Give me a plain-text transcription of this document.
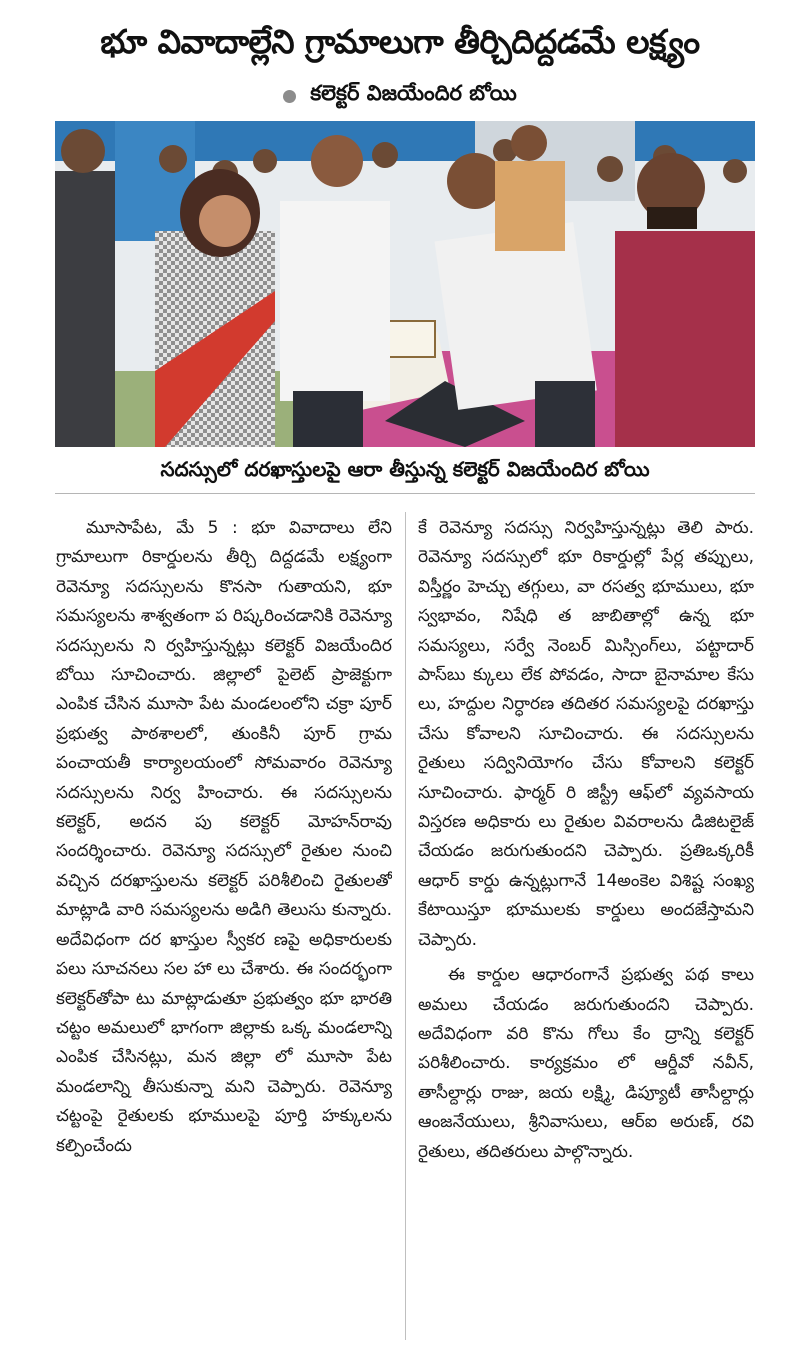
భూ వివాదాల్లేని గ్రామాలుగా తీర్చిదిద్దడమే లక్ష్యం
కలెక్టర్ విజయేందిర బోయి
సదస్సులో దరఖాస్తులపై ఆరా తీస్తున్న కలెక్టర్ విజయేందిర బోయి

మూసాపేట, మే 5 : భూ వివాదాలు లేని గ్రామాలుగా రికార్డులను తీర్చి దిద్దడమే లక్ష్యంగా రెవెన్యూ సదస్సులను కొనసా గుతాయని, భూ సమస్యలను శాశ్వతంగా ప రిష్కరించడానికి రెవెన్యూ సదస్సులను ని ర్వహిస్తున్నట్లు కలెక్టర్ విజయేందిర బోయి సూచించారు. జిల్లాలో పైలెట్ ప్రాజెక్టుగా ఎంపిక చేసిన మూసా పేట మండలంలోని చక్రా పూర్ ప్రభుత్వ పాఠశాలలో, తుంకినీ పూర్ గ్రామ పంచాయతీ కార్యాలయంలో సోమవారం రెవెన్యూ సదస్సులను నిర్వ హించారు. ఈ సదస్సులను కలెక్టర్, అదన పు కలెక్టర్ మోహన్‌రావు సందర్శించారు. రెవెన్యూ సదస్సులో రైతుల నుంచి వచ్చిన దరఖాస్తులను కలెక్టర్ పరిశీలించి రైతులతో మాట్లాడి వారి సమస్యలను అడిగి తెలుసు కున్నారు. అదేవిధంగా దర ఖాస్తుల స్వీకర ణపై అధికారులకు పలు సూచనలు సల హా లు చేశారు. ఈ సందర్భంగా కలెక్టర్‌తోపా టు మాట్లాడుతూ ప్రభుత్వం భూ భారతి చట్టం అమలులో భాగంగా జిల్లాకు ఒక్క మండలాన్ని ఎంపిక చేసినట్లు, మన జిల్లా లో మూసా పేట మండలాన్ని తీసుకున్నా మని చెప్పారు. రెవెన్యూ చట్టంపై రైతులకు భూములపై పూర్తి హక్కులను కల్పించేందు

కే రెవెన్యూ సదస్సు నిర్వహిస్తున్నట్లు తెలి పారు. రెవెన్యూ సదస్సులో భూ రికార్డుల్లో పేర్ల తప్పులు, విస్తీర్ణం హెచ్చు తగ్గులు, వా రసత్వ భూములు, భూ స్వభావం, నిషేధి త జాబితాల్లో ఉన్న భూ సమస్యలు, సర్వే నెంబర్ మిస్సింగ్‌లు, పట్టాదార్ పాస్‌బు క్కులు లేక పోవడం, సాదా బైనామాల కేసు లు, హద్దుల నిర్ధారణ తదితర సమస్యలపై దరఖాస్తు చేసు కోవాలని సూచించారు. ఈ సదస్సులను రైతులు సద్వినియోగం చేసు కోవాలని కలెక్టర్ సూచించారు. ఫార్మర్ రి జిస్ట్రీ ఆఫ్‌లో వ్యవసాయ విస్తరణ అధికారు లు రైతుల వివరాలను డిజిటలైజ్ చేయడం జరుగుతుందని చెప్పారు. ప్రతిఒక్కరికీ ఆధార్ కార్డు ఉన్నట్లుగానే 14అంకెల విశిష్ట సంఖ్య కేటాయిస్తూ భూములకు కార్డులు అందజేస్తామని చెప్పారు.

ఈ కార్డుల ఆధారంగానే ప్రభుత్వ పథ కాలు అమలు చేయడం జరుగుతుందని చెప్పారు. అదేవిధంగా వరి కొను గోలు కేం ద్రాన్ని కలెక్టర్ పరిశీలించారు. కార్యక్రమం లో ఆర్డీవో నవీన్, తాసీల్దార్లు రాజు, జయ లక్ష్మి, డిప్యూటీ తాసీల్దార్లు ఆంజనేయులు, శ్రీనివాసులు, ఆర్ఐ అరుణ్, రవి రైతులు, తదితరులు పాల్గొన్నారు.
